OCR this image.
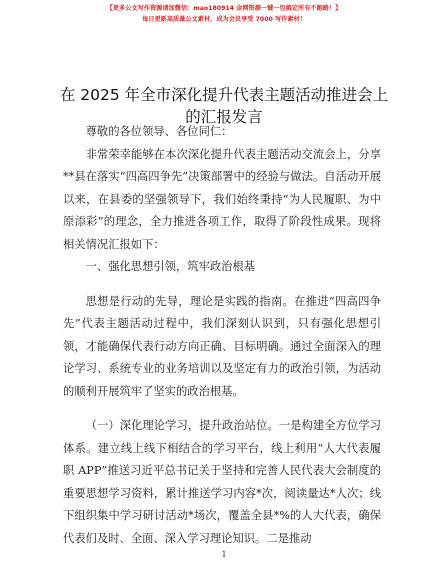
【更多公文写作资源请加微信：mao180914 金网资源一键一包搞定所有不跑路！】
每日更新高质量公文素材，成为会员享受 7000 写作素材！
在 2025 年全市深化提升代表主题活动推进会上
的汇报发言

尊敬的各位领导、各位同仁：

非常荣幸能够在本次深化提升代表主题活动交流会上，分享**县在落实“四高四争先”决策部署中的经验与做法。自活动开展以来，在县委的坚强领导下，我们始终秉持“为人民履职、为中原添彩”的理念，全力推进各项工作，取得了阶段性成果。现将相关情况汇报如下：

一、强化思想引领，筑牢政治根基

思想是行动的先导，理论是实践的指南。在推进“四高四争先”代表主题活动过程中，我们深刻认识到，只有强化思想引领，才能确保代表行动方向正确、目标明确。通过全面深入的理论学习、系统专业的业务培训以及坚定有力的政治引领，为活动的顺利开展筑牢了坚实的政治根基。

（一）深化理论学习，提升政治站位。一是构建全方位学习体系。建立线上线下相结合的学习平台，线上利用“人大代表履职 APP”推送习近平总书记关于坚持和完善人民代表大会制度的重要思想学习资料，累计推送学习内容*次，阅读量达*人次；线下组织集中学习研讨活动*场次，覆盖全县*%的人大代表，确保代表们及时、全面、深入学习理论知识。二是推动

1
